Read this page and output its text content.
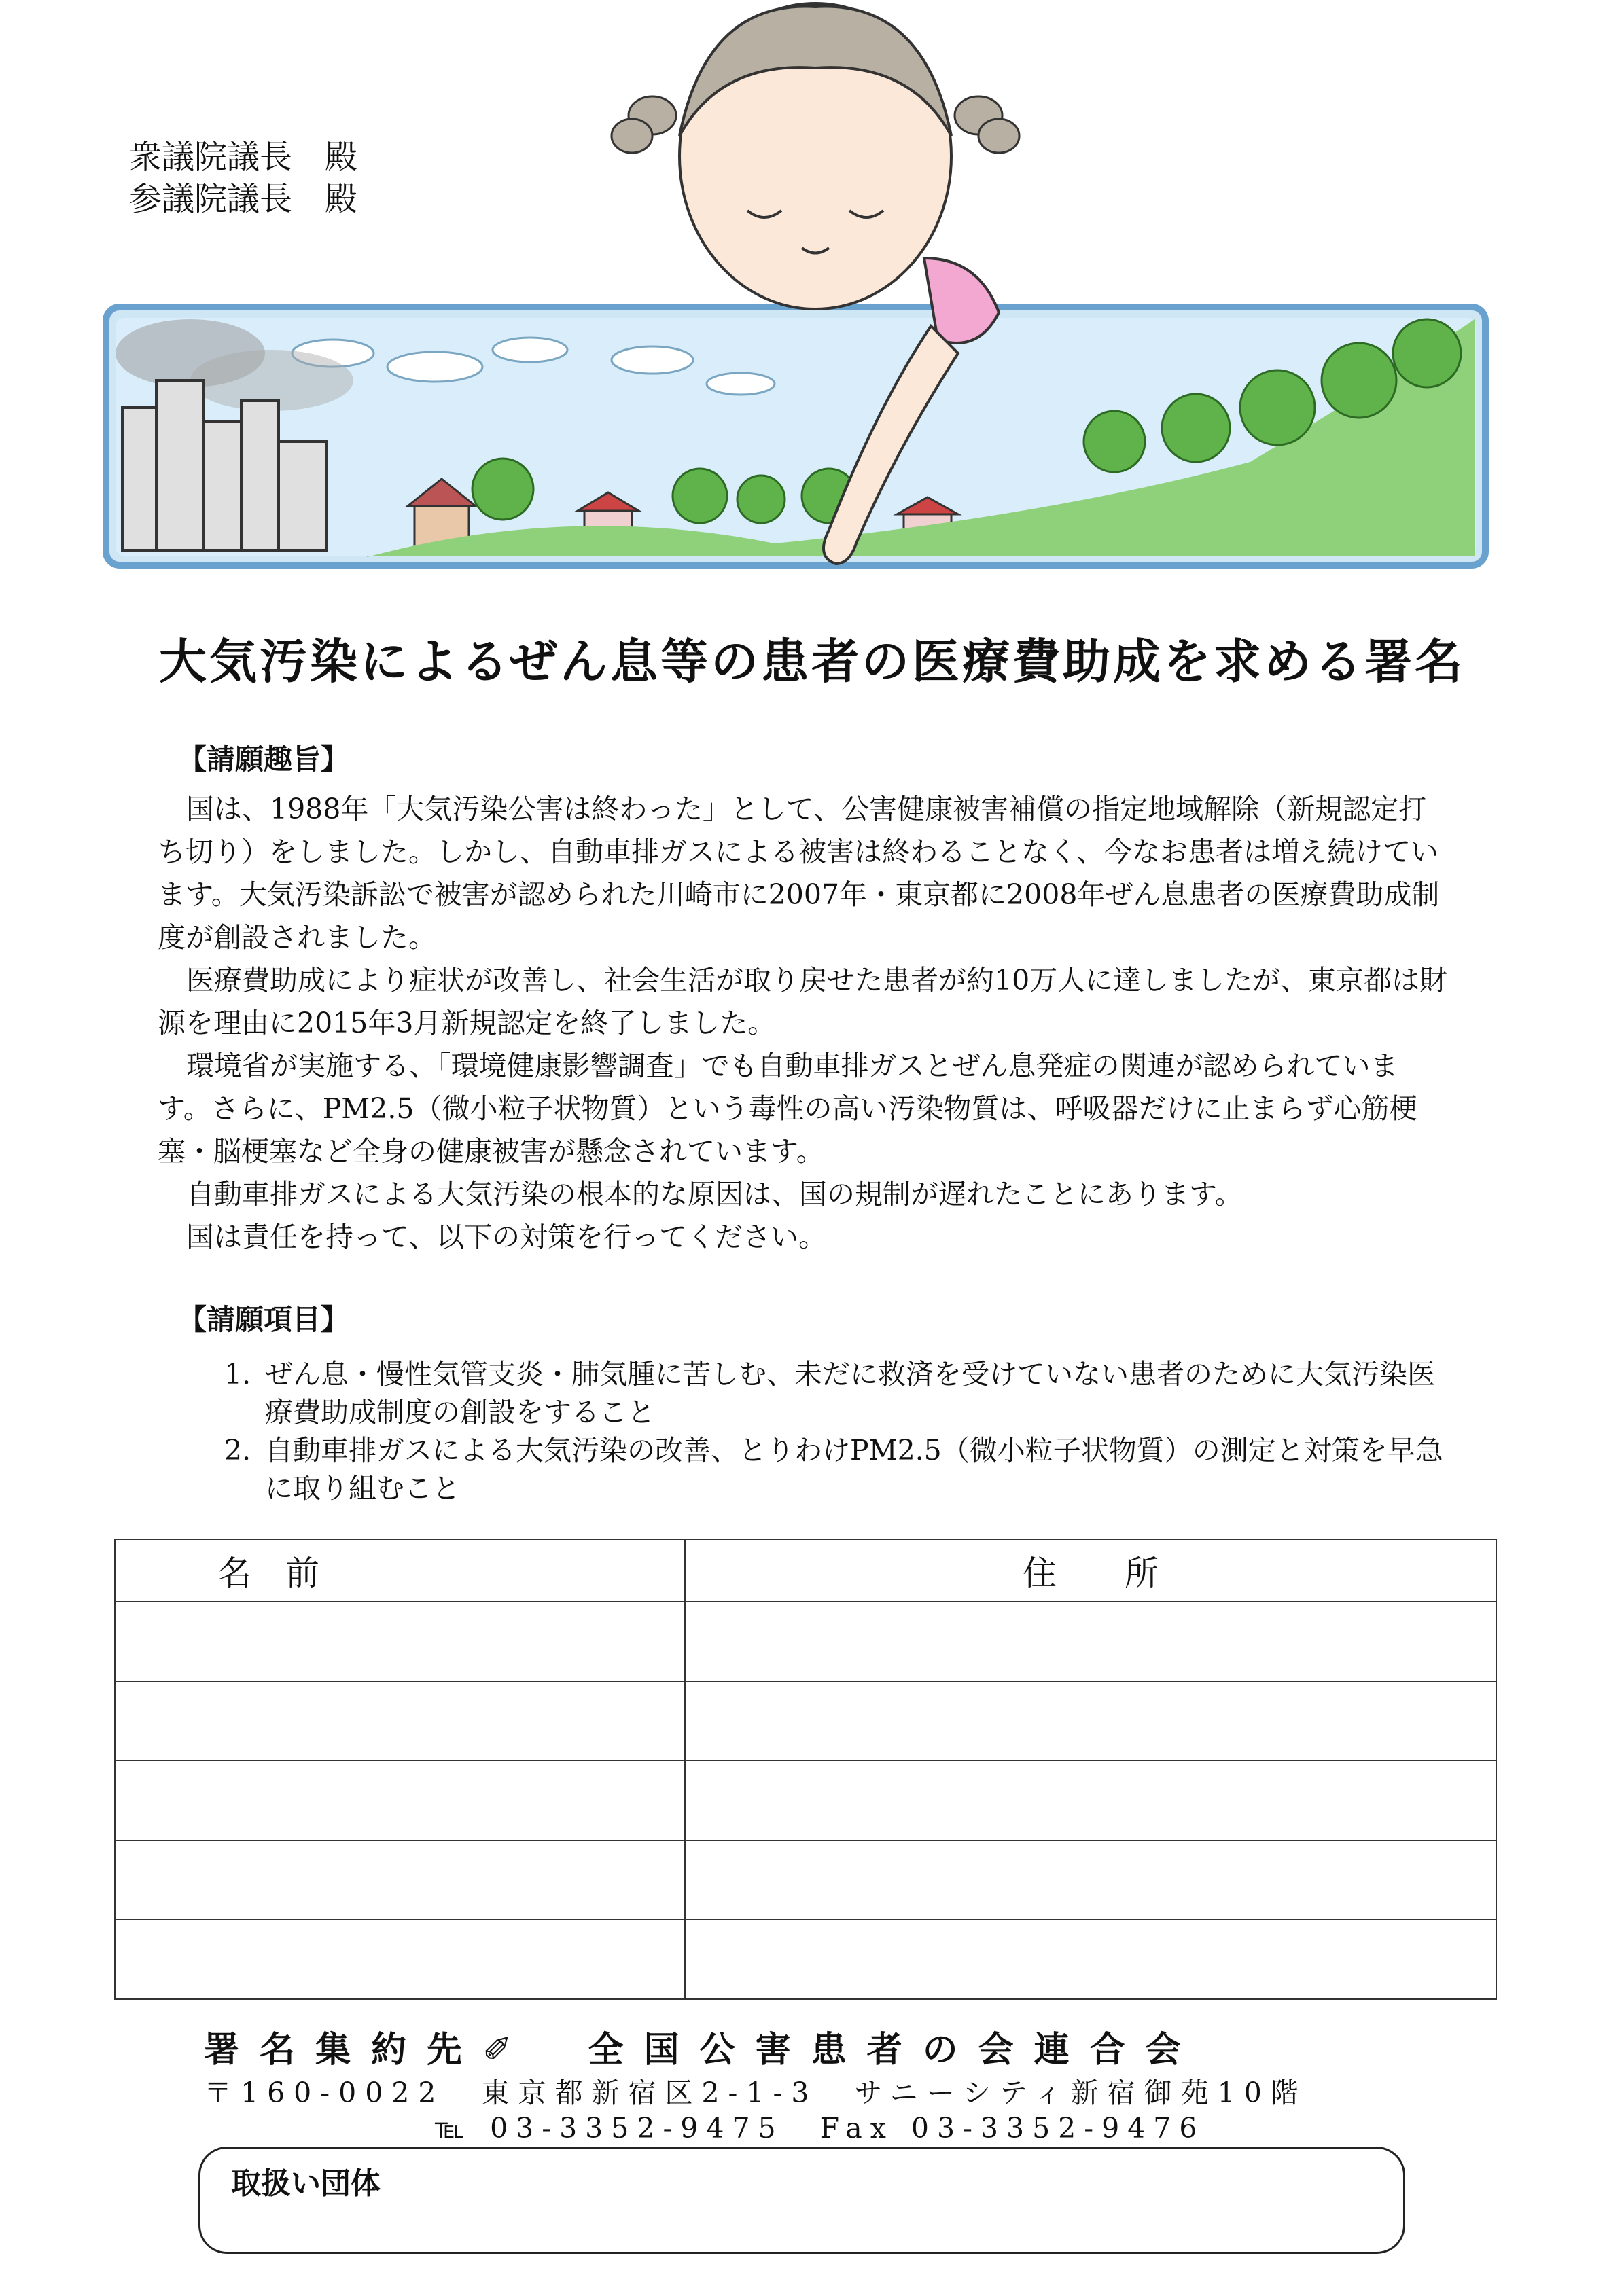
衆議院議長　殿
参議院議長　殿
大気汚染によるぜん息等の患者の医療費助成を求める署名
【請願趣旨】

国は、1988年「大気汚染公害は終わった」として、公害健康被害補償の指定地域解除（新規認定打ち切り）をしました。しかし、自動車排ガスによる被害は終わることなく、今なお患者は増え続けています。大気汚染訴訟で被害が認められた川崎市に2007年・東京都に2008年ぜん息患者の医療費助成制度が創設されました。

医療費助成により症状が改善し、社会生活が取り戻せた患者が約10万人に達しましたが、東京都は財源を理由に2015年3月新規認定を終了しました。

環境省が実施する、「環境健康影響調査」でも自動車排ガスとぜん息発症の関連が認められています。さらに、PM2.5（微小粒子状物質）という毒性の高い汚染物質は、呼吸器だけに止まらず心筋梗塞・脳梗塞など全身の健康被害が懸念されています。

自動車排ガスによる大気汚染の根本的な原因は、国の規制が遅れたことにあります。

国は責任を持って、以下の対策を行ってください。

【請願項目】
1. ぜん息・慢性気管支炎・肺気腫に苦しむ、未だに救済を受けていない患者のために大気汚染医療費助成制度の創設をすること
2. 自動車排ガスによる大気汚染の改善、とりわけPM2.5（微小粒子状物質）の測定と対策を早急に取り組むこと
名　前	住　　所

署名集約先✐　全国公害患者の会連合会
〒160-0022　東京都新宿区2-1-3　サニーシティ新宿御苑10階
℡ 03-3352-9475　Fax 03-3352-9476
取扱い団体
